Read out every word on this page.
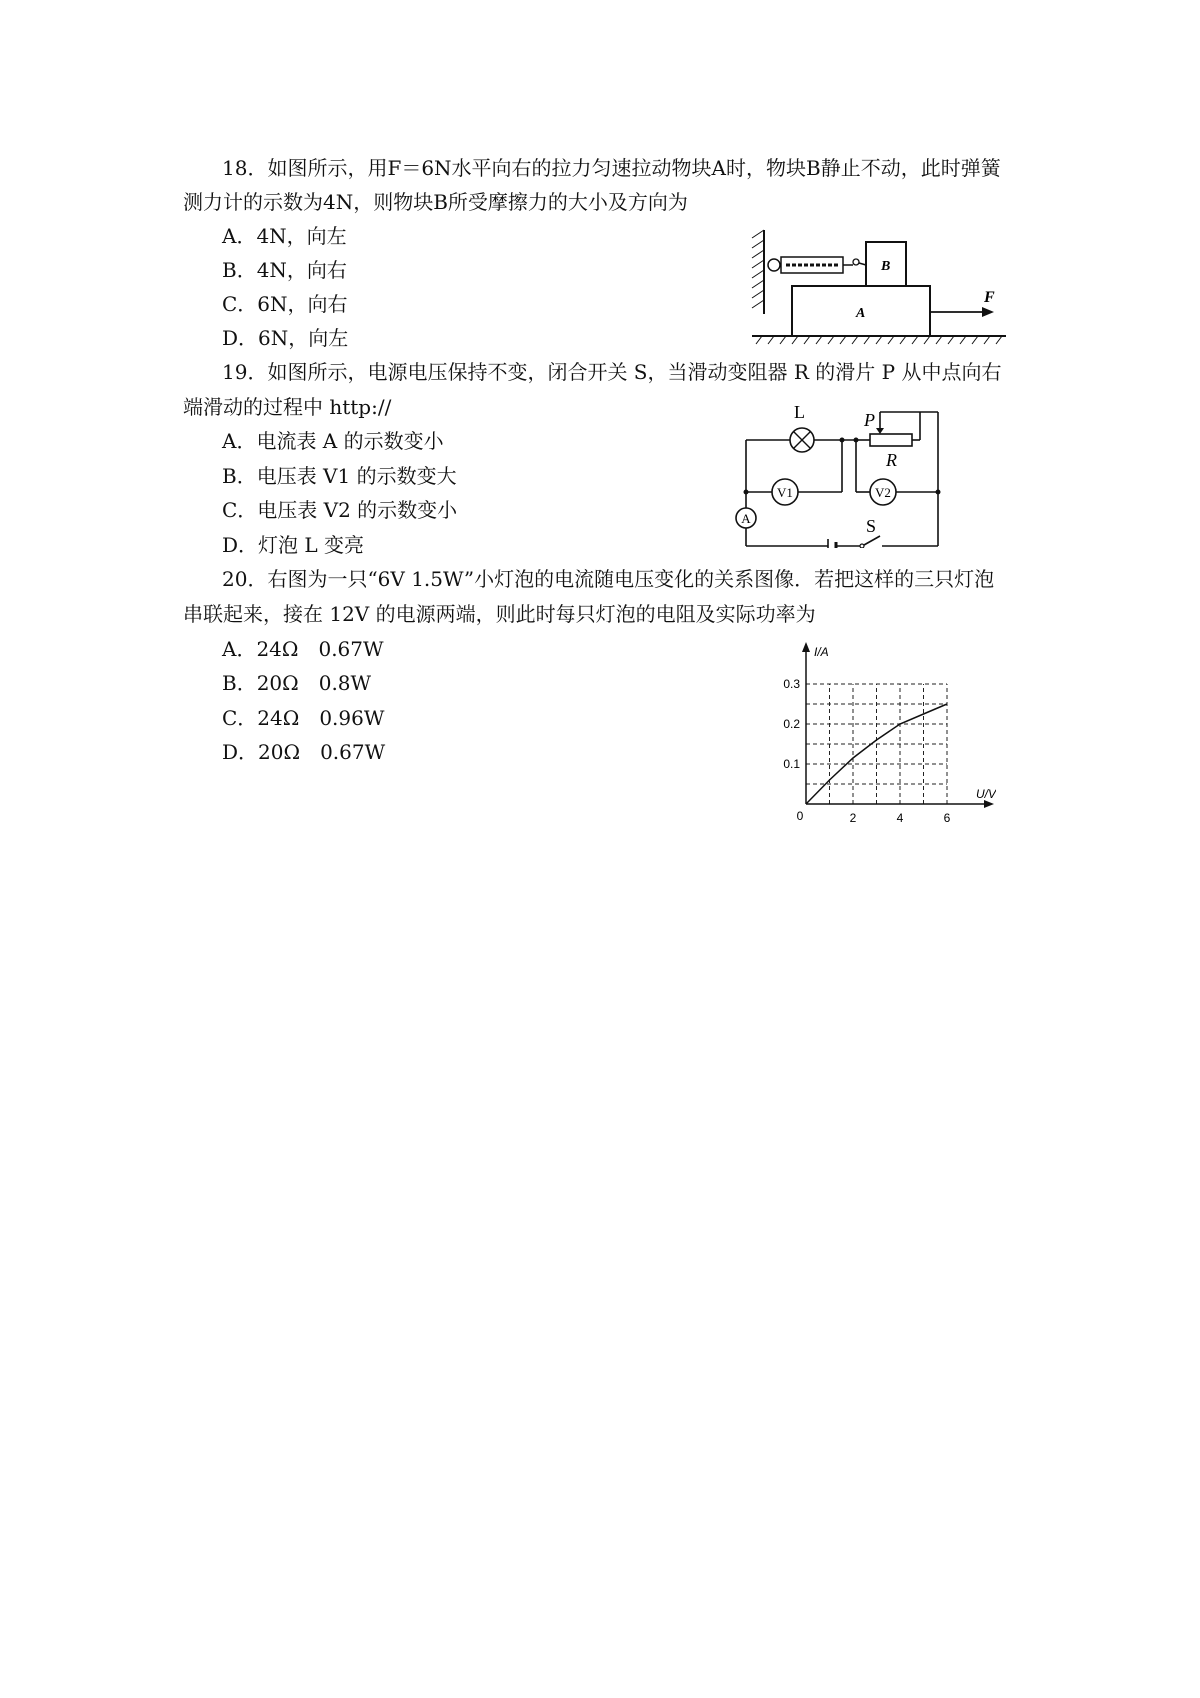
18．如图所示，用F＝6N水平向右的拉力匀速拉动物块A时，物块B静止不动，此时弹簧
测力计的示数为4N，则物块B所受摩擦力的大小及方向为
A．4N，向左
B．4N，向右
C．6N，向右
D．6N，向左
B
A
F
19．如图所示，电源电压保持不变，闭合开关 S，当滑动变阻器 R 的滑片 P 从中点向右
端滑动的过程中 http://
A．电流表 A 的示数变小
B．电压表 V1 的示数变大
C．电压表 V2 的示数变小
D．灯泡 L 变亮
L	P
R
V1	V2
A	S
20．右图为一只“6V 1.5W”小灯泡的电流随电压变化的关系图像．若把这样的三只灯泡
串联起来，接在 12V 的电源两端，则此时每只灯泡的电阻及实际功率为
A．24Ω　0.67W
B．20Ω　0.8W
C．24Ω　0.96W
D．20Ω　0.67W
I/A
U/V
0	2	4	6
0.1
0.2
0.3
